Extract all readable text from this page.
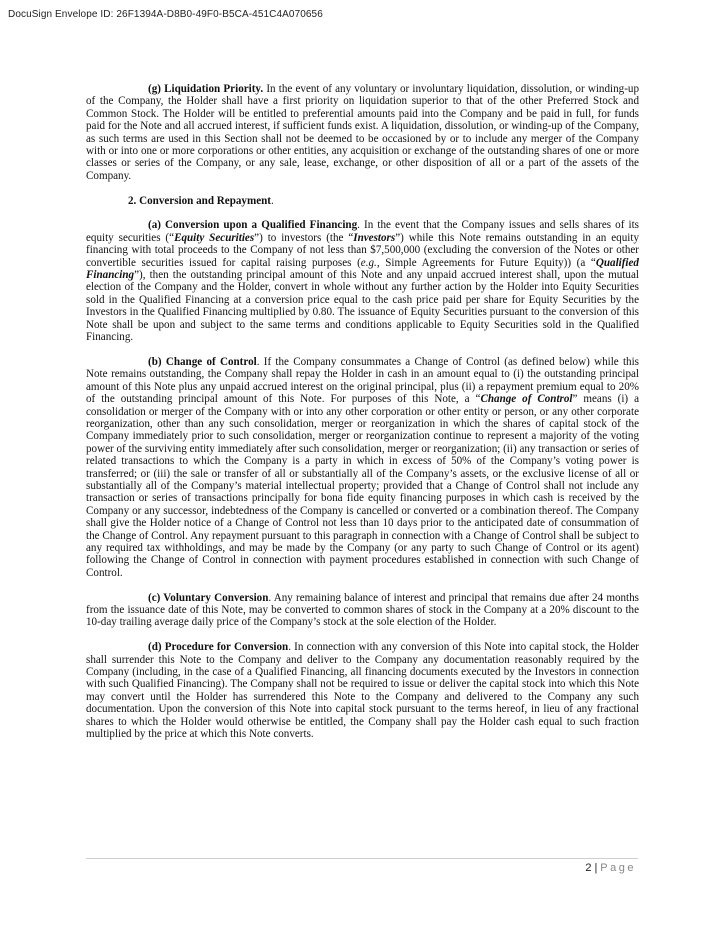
DocuSign Envelope ID: 26F1394A-D8B0-49F0-B5CA-451C4A070656

(g) Liquidation Priority. In the event of any voluntary or involuntary liquidation, dissolution, or winding-up of the Company, the Holder shall have a first priority on liquidation superior to that of the other Preferred Stock and Common Stock. The Holder will be entitled to preferential amounts paid into the Company and be paid in full, for funds paid for the Note and all accrued interest, if sufficient funds exist. A liquidation, dissolution, or winding-up of the Company, as such terms are used in this Section shall not be deemed to be occasioned by or to include any merger of the Company with or into one or more corporations or other entities, any acquisition or exchange of the outstanding shares of one or more classes or series of the Company, or any sale, lease, exchange, or other disposition of all or a part of the assets of the Company.

2. Conversion and Repayment.

(a) Conversion upon a Qualified Financing. In the event that the Company issues and sells shares of its equity securities (“Equity Securities”) to investors (the “Investors”) while this Note remains outstanding in an equity financing with total proceeds to the Company of not less than $7,500,000 (excluding the conversion of the Notes or other convertible securities issued for capital raising purposes (e.g., Simple Agreements for Future Equity)) (a “Qualified Financing”), then the outstanding principal amount of this Note and any unpaid accrued interest shall, upon the mutual election of the Company and the Holder, convert in whole without any further action by the Holder into Equity Securities sold in the Qualified Financing at a conversion price equal to the cash price paid per share for Equity Securities by the Investors in the Qualified Financing multiplied by 0.80. The issuance of Equity Securities pursuant to the conversion of this Note shall be upon and subject to the same terms and conditions applicable to Equity Securities sold in the Qualified Financing.

(b) Change of Control. If the Company consummates a Change of Control (as defined below) while this Note remains outstanding, the Company shall repay the Holder in cash in an amount equal to (i) the outstanding principal amount of this Note plus any unpaid accrued interest on the original principal, plus (ii) a repayment premium equal to 20% of the outstanding principal amount of this Note. For purposes of this Note, a “Change of Control” means (i) a consolidation or merger of the Company with or into any other corporation or other entity or person, or any other corporate reorganization, other than any such consolidation, merger or reorganization in which the shares of capital stock of the Company immediately prior to such consolidation, merger or reorganization continue to represent a majority of the voting power of the surviving entity immediately after such consolidation, merger or reorganization; (ii) any transaction or series of related transactions to which the Company is a party in which in excess of 50% of the Company’s voting power is transferred; or (iii) the sale or transfer of all or substantially all of the Company’s assets, or the exclusive license of all or substantially all of the Company’s material intellectual property; provided that a Change of Control shall not include any transaction or series of transactions principally for bona fide equity financing purposes in which cash is received by the Company or any successor, indebtedness of the Company is cancelled or converted or a combination thereof. The Company shall give the Holder notice of a Change of Control not less than 10 days prior to the anticipated date of consummation of the Change of Control. Any repayment pursuant to this paragraph in connection with a Change of Control shall be subject to any required tax withholdings, and may be made by the Company (or any party to such Change of Control or its agent) following the Change of Control in connection with payment procedures established in connection with such Change of Control.

(c) Voluntary Conversion. Any remaining balance of interest and principal that remains due after 24 months from the issuance date of this Note, may be converted to common shares of stock in the Company at a 20% discount to the 10-day trailing average daily price of the Company’s stock at the sole election of the Holder.

(d) Procedure for Conversion. In connection with any conversion of this Note into capital stock, the Holder shall surrender this Note to the Company and deliver to the Company any documentation reasonably required by the Company (including, in the case of a Qualified Financing, all financing documents executed by the Investors in connection with such Qualified Financing). The Company shall not be required to issue or deliver the capital stock into which this Note may convert until the Holder has surrendered this Note to the Company and delivered to the Company any such documentation. Upon the conversion of this Note into capital stock pursuant to the terms hereof, in lieu of any fractional shares to which the Holder would otherwise be entitled, the Company shall pay the Holder cash equal to such fraction multiplied by the price at which this Note converts.

2 | Page
